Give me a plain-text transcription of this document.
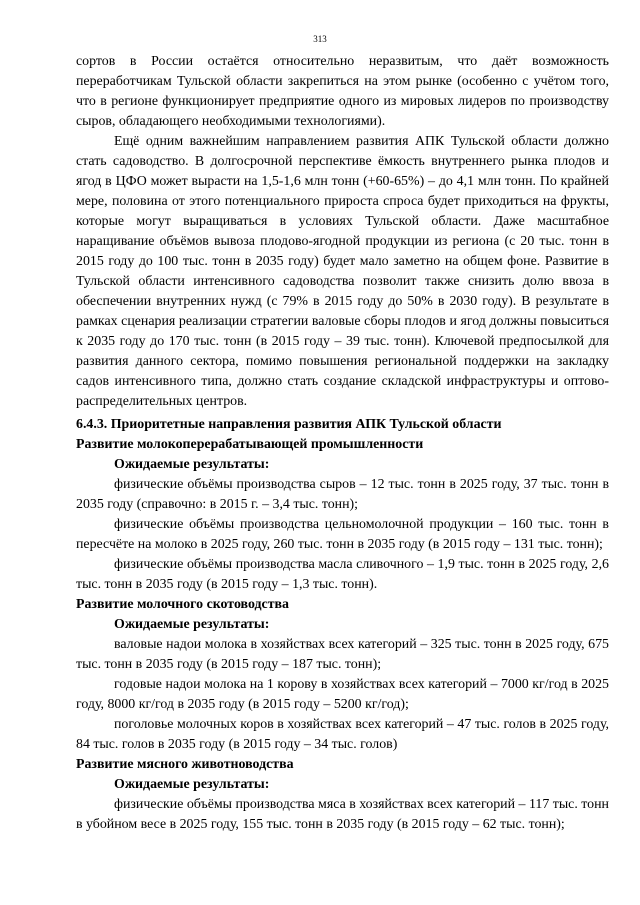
313

сортов в России остаётся относительно неразвитым, что даёт возможность переработчикам Тульской области закрепиться на этом рынке (особенно с учётом того, что в регионе функционирует предприятие одного из мировых лидеров по производству сыров, обладающего необходимыми технологиями).

Ещё одним важнейшим направлением развития АПК Тульской области должно стать садоводство. В долгосрочной перспективе ёмкость внутреннего рынка плодов и ягод в ЦФО может вырасти на 1,5-1,6 млн тонн (+60-65%) – до 4,1 млн тонн. По крайней мере, половина от этого потенциального прироста спроса будет приходиться на фрукты, которые могут выращиваться в условиях Тульской области. Даже масштабное наращивание объёмов вывоза плодово-ягодной продукции из региона (с 20 тыс. тонн в 2015 году до 100 тыс. тонн в 2035 году) будет мало заметно на общем фоне. Развитие в Тульской области интенсивного садоводства позволит также снизить долю ввоза в обеспечении внутренних нужд (с 79% в 2015 году до 50% в 2030 году). В результате в рамках сценария реализации стратегии валовые сборы плодов и ягод должны повыситься к 2035 году до 170 тыс. тонн (в 2015 году – 39 тыс. тонн). Ключевой предпосылкой для развития данного сектора, помимо повышения региональной поддержки на закладку садов интенсивного типа, должно стать создание складской инфраструктуры и оптово-распределительных центров.

6.4.3. Приоритетные направления развития АПК Тульской области

Развитие молокоперерабатывающей промышленности

Ожидаемые результаты:

физические объёмы производства сыров – 12 тыс. тонн в 2025 году, 37 тыс. тонн в 2035 году (справочно: в 2015 г. – 3,4 тыс. тонн);

физические объёмы производства цельномолочной продукции – 160 тыс. тонн в пересчёте на молоко в 2025 году, 260 тыс. тонн в 2035 году (в 2015 году – 131 тыс. тонн);

физические объёмы производства масла сливочного – 1,9 тыс. тонн в 2025 году, 2,6 тыс. тонн в 2035 году (в 2015 году – 1,3 тыс. тонн).

Развитие молочного скотоводства

Ожидаемые результаты:

валовые надои молока в хозяйствах всех категорий – 325 тыс. тонн в 2025 году, 675 тыс. тонн в 2035 году (в 2015 году – 187 тыс. тонн);

годовые надои молока на 1 корову в хозяйствах всех категорий – 7000 кг/год в 2025 году, 8000 кг/год в 2035 году (в 2015 году – 5200 кг/год);

поголовье молочных коров в хозяйствах всех категорий – 47 тыс. голов в 2025 году, 84 тыс. голов в 2035 году (в 2015 году – 34 тыс. голов)

Развитие мясного животноводства

Ожидаемые результаты:

физические объёмы производства мяса в хозяйствах всех категорий – 117 тыс. тонн в убойном весе в 2025 году, 155 тыс. тонн в 2035 году (в 2015 году – 62 тыс. тонн);
